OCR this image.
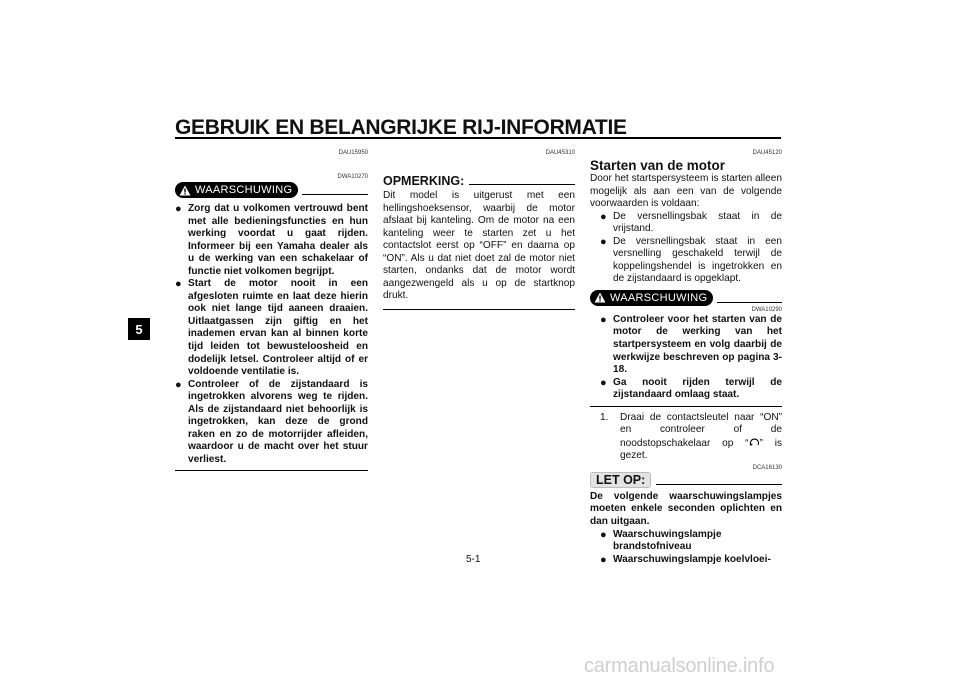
GEBRUIK EN BELANGRIJKE RIJ-INFORMATIE
5
DAU15950
DWA10270
WAARSCHUWING
● Zorg dat u volkomen vertrouwd bent met alle bedieningsfuncties en hun werking voordat u gaat rijden. Informeer bij een Yamaha dealer als u de werking van een schakelaar of functie niet volkomen begrijpt.
● Start de motor nooit in een afgesloten ruimte en laat deze hierin ook niet lange tijd aaneen draaien. Uitlaatgassen zijn giftig en het inademen ervan kan al binnen korte tijd leiden tot bewusteloosheid en dodelijk letsel. Controleer altijd of er voldoende ventilatie is.
● Controleer of de zijstandaard is ingetrokken alvorens weg te rijden. Als de zijstandaard niet behoorlijk is ingetrokken, kan deze de grond raken en zo de motorrijder afleiden, waardoor u de macht over het stuur verliest.
DAU45310
OPMERKING:

Dit model is uitgerust met een hellingshoeksensor, waarbij de motor afslaat bij kanteling. Om de motor na een kanteling weer te starten zet u het contactslot eerst op “OFF” en daarna op “ON”. Als u dat niet doet zal de motor niet starten, ondanks dat de motor wordt aangezwengeld als u op de startknop drukt.

DAU45120
Starten van de motor

Door het startspersysteem is starten alleen mogelijk als aan een van de volgende voorwaarden is voldaan:

● De versnellingsbak staat in de vrijstand.
● De versnellingsbak staat in een versnelling geschakeld terwijl de koppelingshendel is ingetrokken en de zijstandaard is opgeklapt.
WAARSCHUWING
DWA10290
● Controleer voor het starten van de motor de werking van het startpersysteem en volg daarbij de werkwijze beschreven op pagina 3-18.
● Ga nooit rijden terwijl de zijstandaard omlaag staat.
1. Draai de contactsleutel naar “ON” en controleer of de noodstopschakelaar op “ ” is gezet.
DCA16130
LET OP:

De volgende waarschuwingslampjes moeten enkele seconden oplichten en dan uitgaan.

● Waarschuwingslampje brandstofniveau
● Waarschuwingslampje koelvloei-
5-1
carmanualsonline.info
